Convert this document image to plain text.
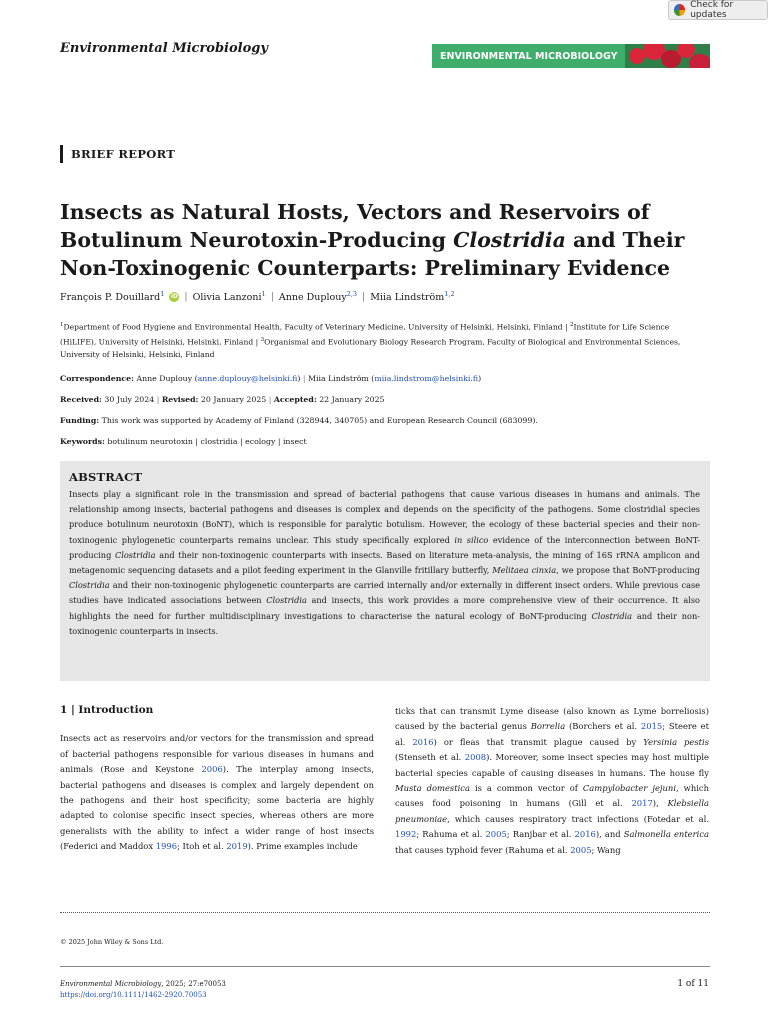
Check for updates
Environmental Microbiology	ENVIRONMENTAL MICROBIOLOGY
BRIEF REPORT
Insects as Natural Hosts, Vectors and Reservoirs of
Botulinum Neurotoxin-Producing Clostridia and Their
Non-Toxinogenic Counterparts: Preliminary Evidence
François P. Douillard$^1$ iD | Olivia Lanzoni$^1$ | Anne Duplouy$^{2,3}$ | Miia Lindström$^{1,2}$
$^1$Department of Food Hygiene and Environmental Health, Faculty of Veterinary Medicine, University of Helsinki, Helsinki, Finland | $^2$Institute for Life Science (HiLIFE), University of Helsinki, Helsinki, Finland | $^3$Organismal and Evolutionary Biology Research Program, Faculty of Biological and Environmental Sciences, University of Helsinki, Helsinki, Finland
Correspondence: Anne Duplouy (anne.duplouy@helsinki.fi) | Miia Lindström (miia.lindstrom@helsinki.fi)
Received: 30 July 2024 | Revised: 20 January 2025 | Accepted: 22 January 2025
Funding: This work was supported by Academy of Finland (328944, 340705) and European Research Council (683099).
Keywords: botulinum neurotoxin | clostridia | ecology | insect
ABSTRACT

Insects play a significant role in the transmission and spread of bacterial pathogens that cause various diseases in humans and animals. The relationship among insects, bacterial pathogens and diseases is complex and depends on the specificity of the pathogens. Some clostridial species produce botulinum neurotoxin (BoNT), which is responsible for paralytic botulism. However, the ecology of these bacterial species and their non-toxinogenic phylogenetic counterparts remains unclear. This study specifically explored in silico evidence of the interconnection between BoNT-producing Clostridia and their non-toxinogenic counterparts with insects. Based on literature meta-analysis, the mining of 16S rRNA amplicon and metagenomic sequencing datasets and a pilot feeding experiment in the Glanville fritillary butterfly, Melitaea cinxia, we propose that BoNT-producing Clostridia and their non-toxinogenic phylogenetic counterparts are carried internally and/or externally in different insect orders. While previous case studies have indicated associations between Clostridia and insects, this work provides a more comprehensive view of their occurrence. It also highlights the need for further multidisciplinary investigations to characterise the natural ecology of BoNT-producing Clostridia and their non-toxinogenic counterparts in insects.

1 | Introduction

Insects act as reservoirs and/or vectors for the transmission and spread of bacterial pathogens responsible for various diseases in humans and animals (Rose and Keystone 2006). The interplay among insects, bacterial pathogens and diseases is complex and largely dependent on the pathogens and their host specificity; some bacteria are highly adapted to colonise specific insect species, whereas others are more generalists with the ability to infect a wider range of host insects (Federici and Maddox 1996; Itoh et al. 2019). Prime examples include

ticks that can transmit Lyme disease (also known as Lyme borreliosis) caused by the bacterial genus Borrelia (Borchers et al. 2015; Steere et al. 2016) or fleas that transmit plague caused by Yersinia pestis (Stenseth et al. 2008). Moreover, some insect species may host multiple bacterial species capable of causing diseases in humans. The house fly Musta domestica is a common vector of Campylobacter jejuni, which causes food poisoning in humans (Gill et al. 2017), Klebsiella pneumoniae, which causes respiratory tract infections (Fotedar et al. 1992; Rahuma et al. 2005; Ranjbar et al. 2016), and Salmonella enterica that causes typhoid fever (Rahuma et al. 2005; Wang

© 2025 John Wiley & Sons Ltd.
Environmental Microbiology, 2025; 27:e70053
https://doi.org/10.1111/1462-2920.70053
1 of 11
